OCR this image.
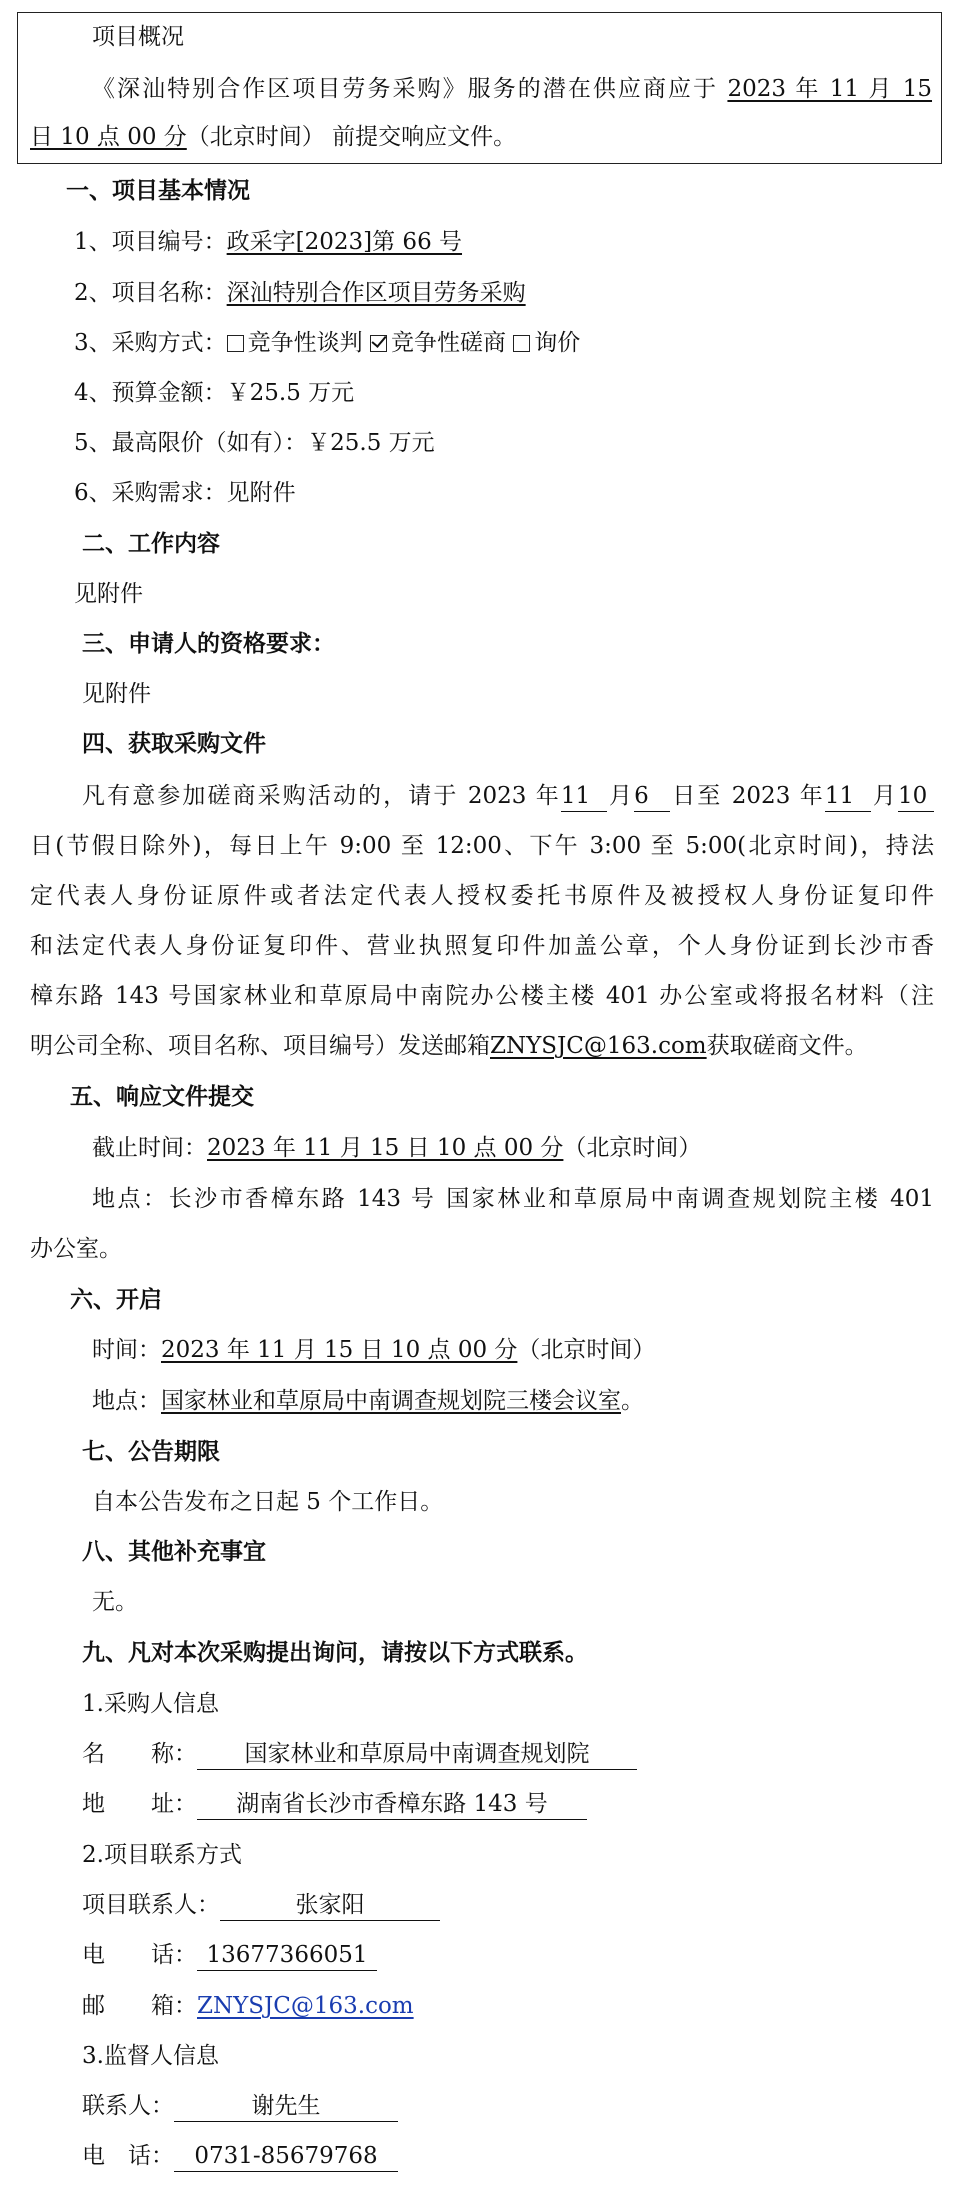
项目概况
《深汕特别合作区项目劳务采购》服务的潜在供应商应于 2023 年 11 月 15
日 10 点 00 分（北京时间） 前提交响应文件。
一、项目基本情况
1、项目编号：政采字[2023]第 66 号
2、项目名称：深汕特别合作区项目劳务采购
3、采购方式： 竞争性谈判 竞争性磋商 询价
4、预算金额：￥25.5 万元
5、最高限价（如有）：￥25.5 万元
6、采购需求：见附件
二、工作内容
见附件
三、申请人的资格要求：
见附件
四、获取采购文件
凡有意参加磋商采购活动的，请于 2023 年11 月6 日至 2023 年11 月10
日(节假日除外)，每日上午 9:00 至 12:00、下午 3:00 至 5:00(北京时间)，持法
定代表人身份证原件或者法定代表人授权委托书原件及被授权人身份证复印件
和法定代表人身份证复印件、营业执照复印件加盖公章，个人身份证到长沙市香
樟东路 143 号国家林业和草原局中南院办公楼主楼 401 办公室或将报名材料（注
明公司全称、项目名称、项目编号）发送邮箱ZNYSJC@163.com获取磋商文件。
五、响应文件提交
截止时间：2023 年 11 月 15 日 10 点 00 分（北京时间）
地点：长沙市香樟东路 143 号 国家林业和草原局中南调查规划院主楼 401
办公室。
六、开启
时间：2023 年 11 月 15 日 10 点 00 分（北京时间）
地点：国家林业和草原局中南调查规划院三楼会议室。
七、公告期限
自本公告发布之日起 5 个工作日。
八、其他补充事宜
无。
九、凡对本次采购提出询问，请按以下方式联系。
1.采购人信息
名　　称： 国家林业和草原局中南调查规划院
地　　址： 湖南省长沙市香樟东路 143 号
2.项目联系方式
项目联系人：	张家阳
电　　话： 13677366051
邮　　箱：ZNYSJC@163.com
3.监督人信息
联系人：	谢先生
电　话： 0731-85679768
